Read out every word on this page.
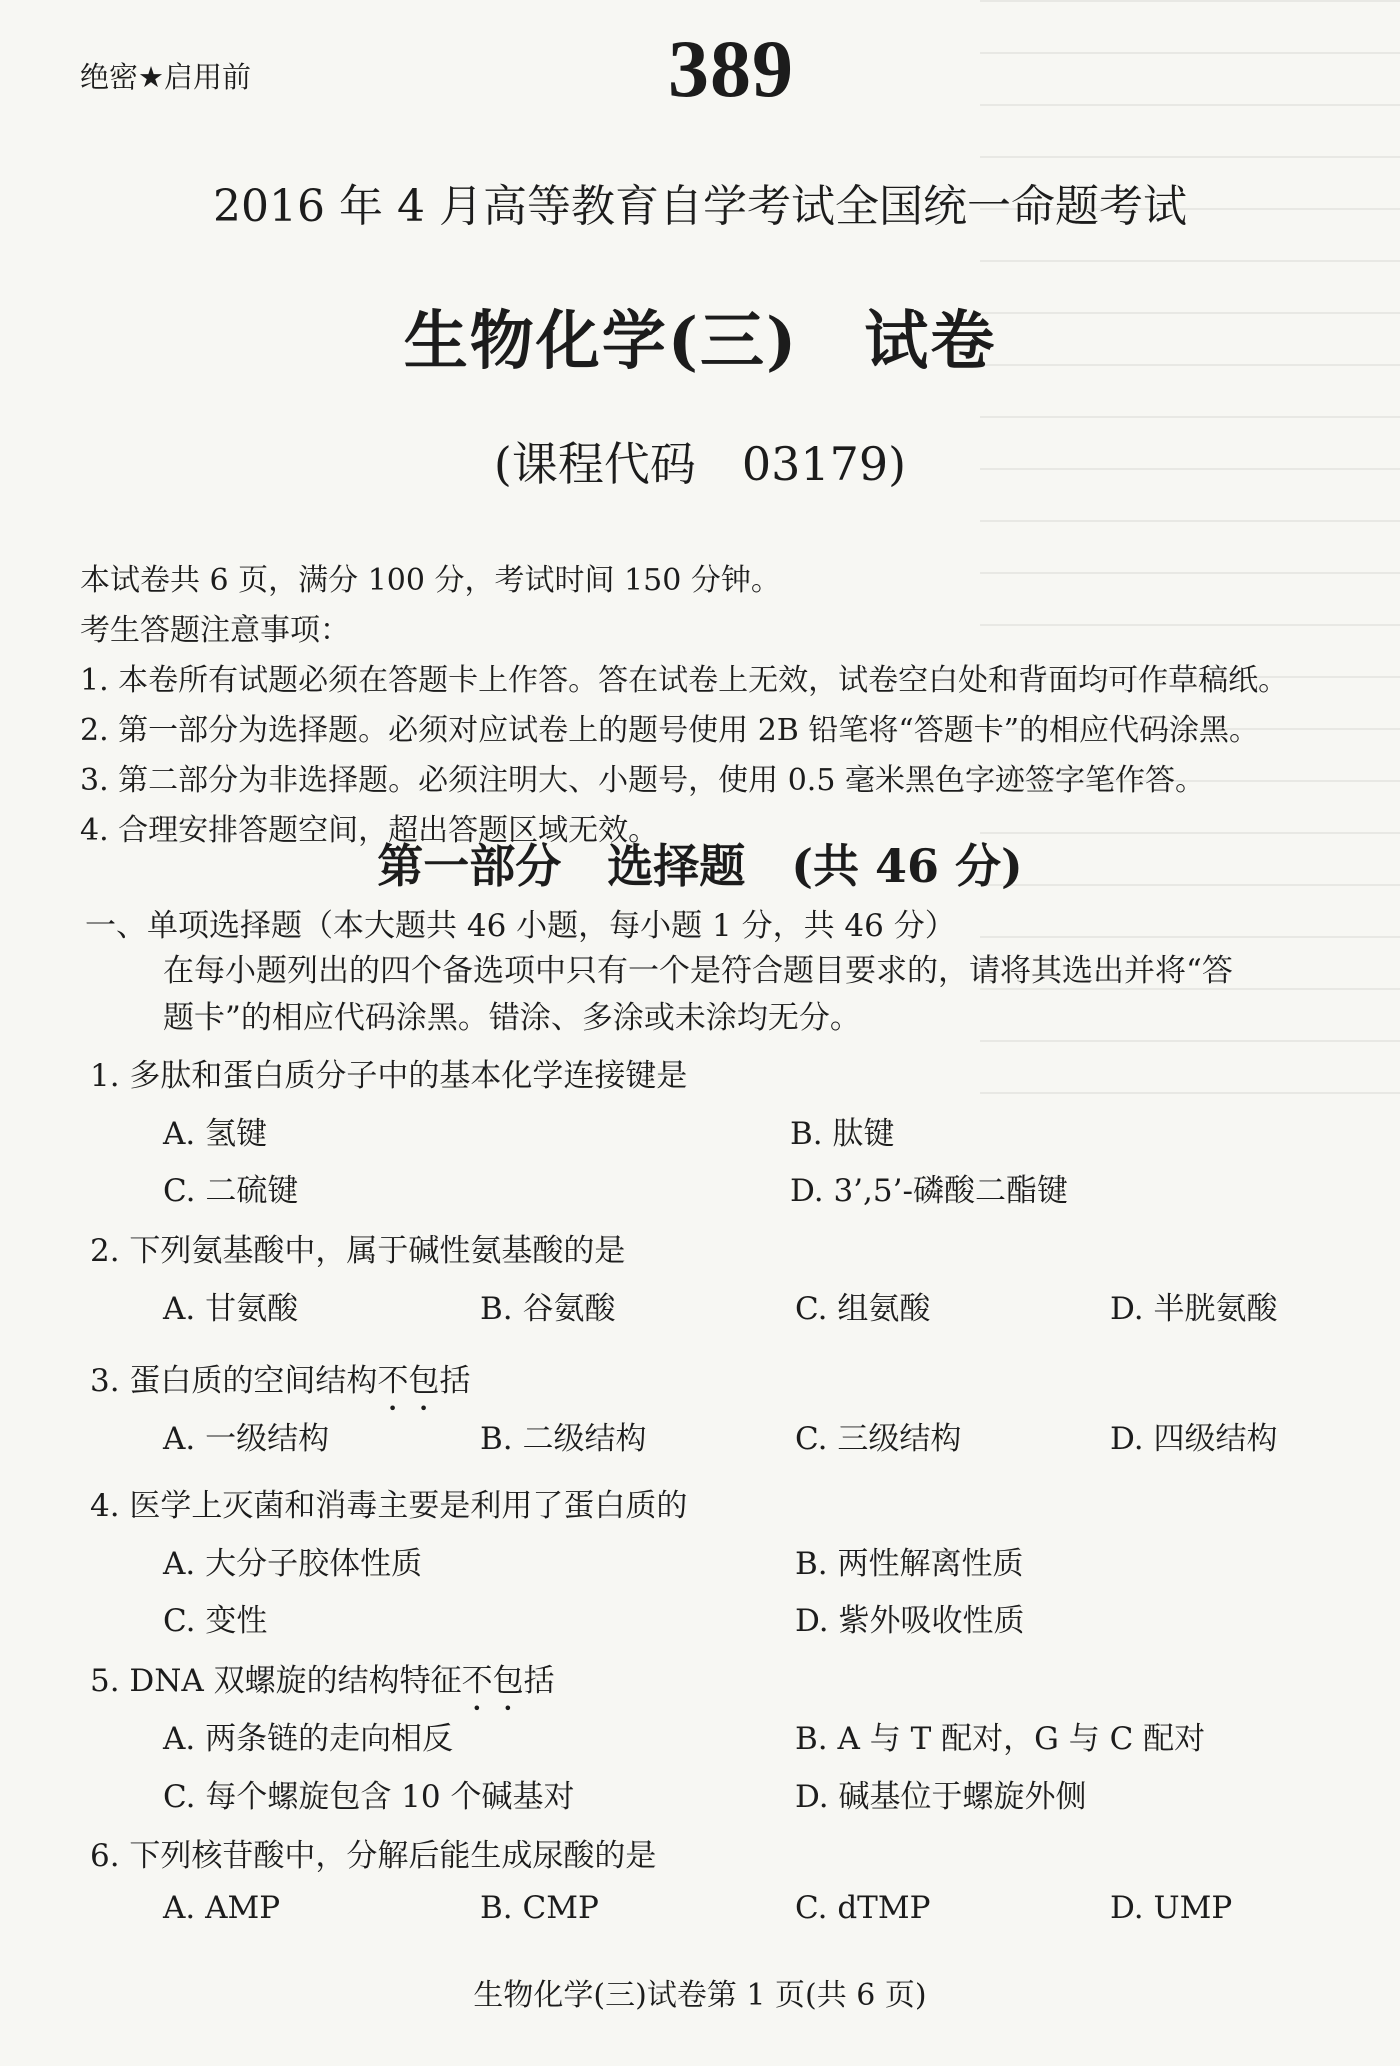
绝密★启用前	389
2016 年 4 月高等教育自学考试全国统一命题考试
生物化学(三)　试卷
(课程代码　03179)
本试卷共 6 页，满分 100 分，考试时间 150 分钟。
考生答题注意事项：
1. 本卷所有试题必须在答题卡上作答。答在试卷上无效，试卷空白处和背面均可作草稿纸。
2. 第一部分为选择题。必须对应试卷上的题号使用 2B 铅笔将“答题卡”的相应代码涂黑。
3. 第二部分为非选择题。必须注明大、小题号，使用 0.5 毫米黑色字迹签字笔作答。
4. 合理安排答题空间，超出答题区域无效。
第一部分　选择题　(共 46 分)
一、单项选择题（本大题共 46 小题，每小题 1 分，共 46 分）
在每小题列出的四个备选项中只有一个是符合题目要求的，请将其选出并将“答
题卡”的相应代码涂黑。错涂、多涂或未涂均无分。
1. 多肽和蛋白质分子中的基本化学连接键是
A. 氢键	B. 肽键
C. 二硫键	D. 3’,5’-磷酸二酯键
2. 下列氨基酸中，属于碱性氨基酸的是
A. 甘氨酸	B. 谷氨酸	C. 组氨酸	D. 半胱氨酸
3. 蛋白质的空间结构不包括
A. 一级结构	B. 二级结构	C. 三级结构	D. 四级结构
4. 医学上灭菌和消毒主要是利用了蛋白质的
A. 大分子胶体性质	B. 两性解离性质
C. 变性	D. 紫外吸收性质
5. DNA 双螺旋的结构特征不包括
A. 两条链的走向相反	B. A 与 T 配对，G 与 C 配对
C. 每个螺旋包含 10 个碱基对	D. 碱基位于螺旋外侧
6. 下列核苷酸中，分解后能生成尿酸的是
A. AMP	B. CMP	C. dTMP	D. UMP
生物化学(三)试卷第 1 页(共 6 页)
